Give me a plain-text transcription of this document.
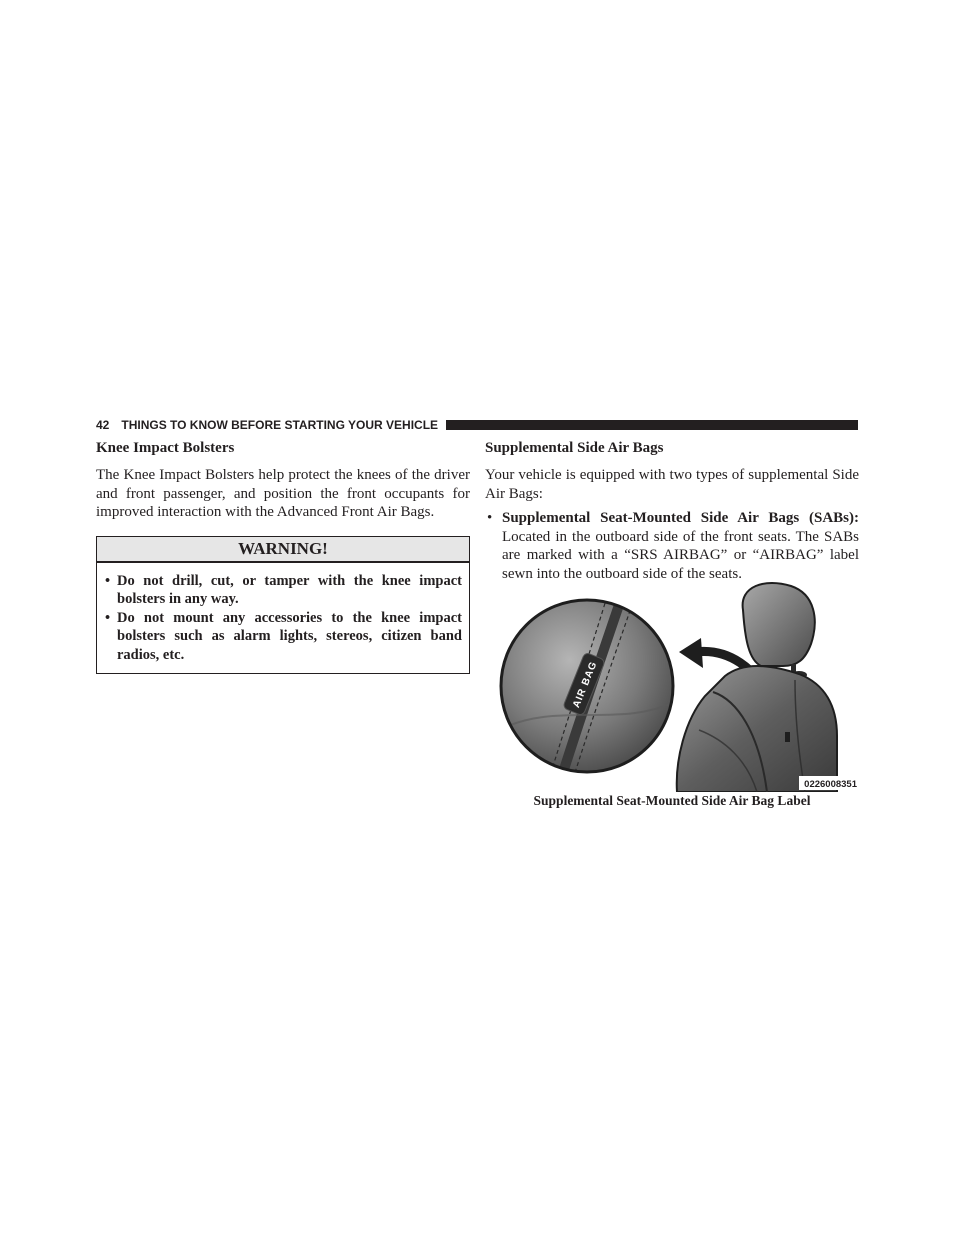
42 THINGS TO KNOW BEFORE STARTING YOUR VEHICLE
Knee Impact Bolsters

The Knee Impact Bolsters help protect the knees of the driver and front passenger, and position the front occupants for improved interaction with the Advanced Front Air Bags.

WARNING!
• Do not drill, cut, or tamper with the knee impact bolsters in any way.
• Do not mount any accessories to the knee impact bolsters such as alarm lights, stereos, citizen band radios, etc.
Supplemental Side Air Bags

Your vehicle is equipped with two types of supplemental Side Air Bags:

• Supplemental Seat-Mounted Side Air Bags (SABs): Located in the outboard side of the front seats. The SABs are marked with a “SRS AIRBAG” or “AIRBAG” label sewn into the outboard side of the seats.
AIR BAG
0226008351
Supplemental Seat-Mounted Side Air Bag Label
